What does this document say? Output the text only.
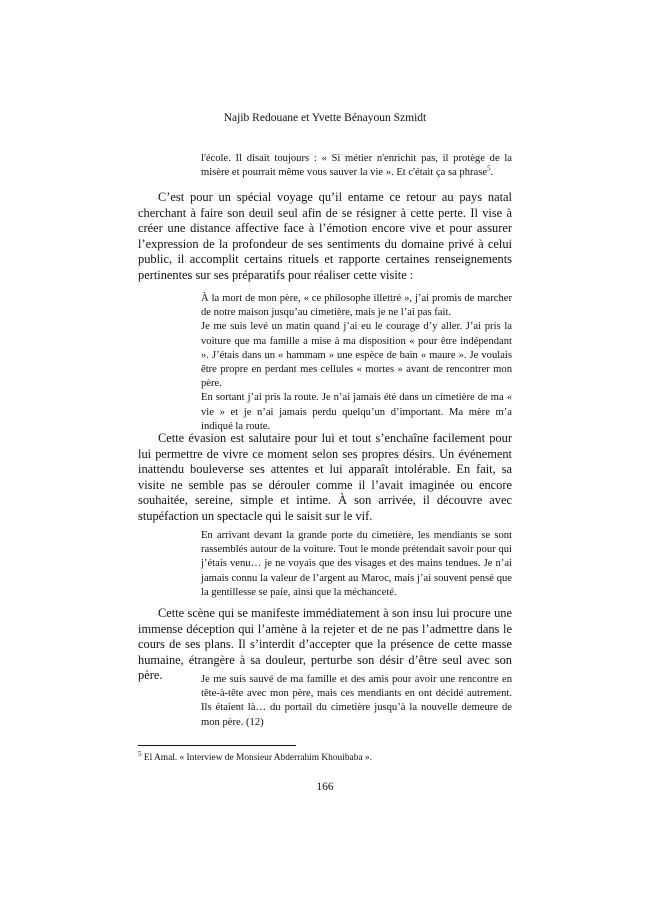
Najib Redouane et Yvette Bénayoun Szmidt

l'école. Il disait toujours : « Si métier n'enrichit pas, il protège de la misère et pourrait même vous sauver la vie ». Et c'était ça sa phrase$^5$.

C’est pour un spécial voyage qu’il entame ce retour au pays natal cherchant à faire son deuil seul afin de se résigner à cette perte. Il vise à créer une distance affective face à l’émotion encore vive et pour assurer l’expression de la profondeur de ses sentiments du domaine privé à celui public, il accomplit certains rituels et rapporte certaines renseignements pertinentes sur ses préparatifs pour réaliser cette visite :

À la mort de mon père, « ce philosophe illettré », j’ai promis de marcher de notre maison jusqu’au cimetière, mais je ne l’ai pas fait.

Je me suis levé un matin quand j’ai eu le courage d’y aller. J’ai pris la voiture que ma famille a mise à ma disposition « pour être indépendant ». J’étais dans un « hammam » une espèce de bain « maure ». Je voulais être propre en perdant mes cellules « mortes » avant de rencontrer mon père.

En sortant j’ai pris la route. Je n’ai jamais été dans un cimetière de ma « vie » et je n’ai jamais perdu quelqu’un d’important. Ma mère m’a indiqué la route.

Cette évasion est salutaire pour lui et tout s’enchaîne facilement pour lui permettre de vivre ce moment selon ses propres désirs. Un événement inattendu bouleverse ses attentes et lui apparaît intolérable. En fait, sa visite ne semble pas se dérouler comme il l’avait imaginée ou encore souhaitée, sereine, simple et intime. À son arrivée, il découvre avec stupéfaction un spectacle qui le saisit sur le vif.

En arrivant devant la grande porte du cimetière, les mendiants se sont rassemblés autour de la voiture. Tout le monde prétendait savoir pour qui j’étais venu… je ne voyais que des visages et des mains tendues. Je n’ai jamais connu la valeur de l’argent au Maroc, mais j’ai souvent pensé que la gentillesse se paie, ainsi que la méchanceté.

Cette scène qui se manifeste immédiatement à son insu lui procure une immense déception qui l’amène à la rejeter et de ne pas l’admettre dans le cours de ses plans. Il s’interdit d’accepter que la présence de cette masse humaine, étrangère à sa douleur, perturbe son désir d’être seul avec son père.	Je me suis sauvé de ma famille et des amis pour avoir une rencontre en tête-à-tête avec mon père, mais ces mendiants en ont décidé autrement. Ils étaient là… du portail du cimetière jusqu’à la nouvelle demeure de mon père. (12)

$^5$ El Amal. « Interview de Monsieur Abderrahim Khouibaba ».
166
